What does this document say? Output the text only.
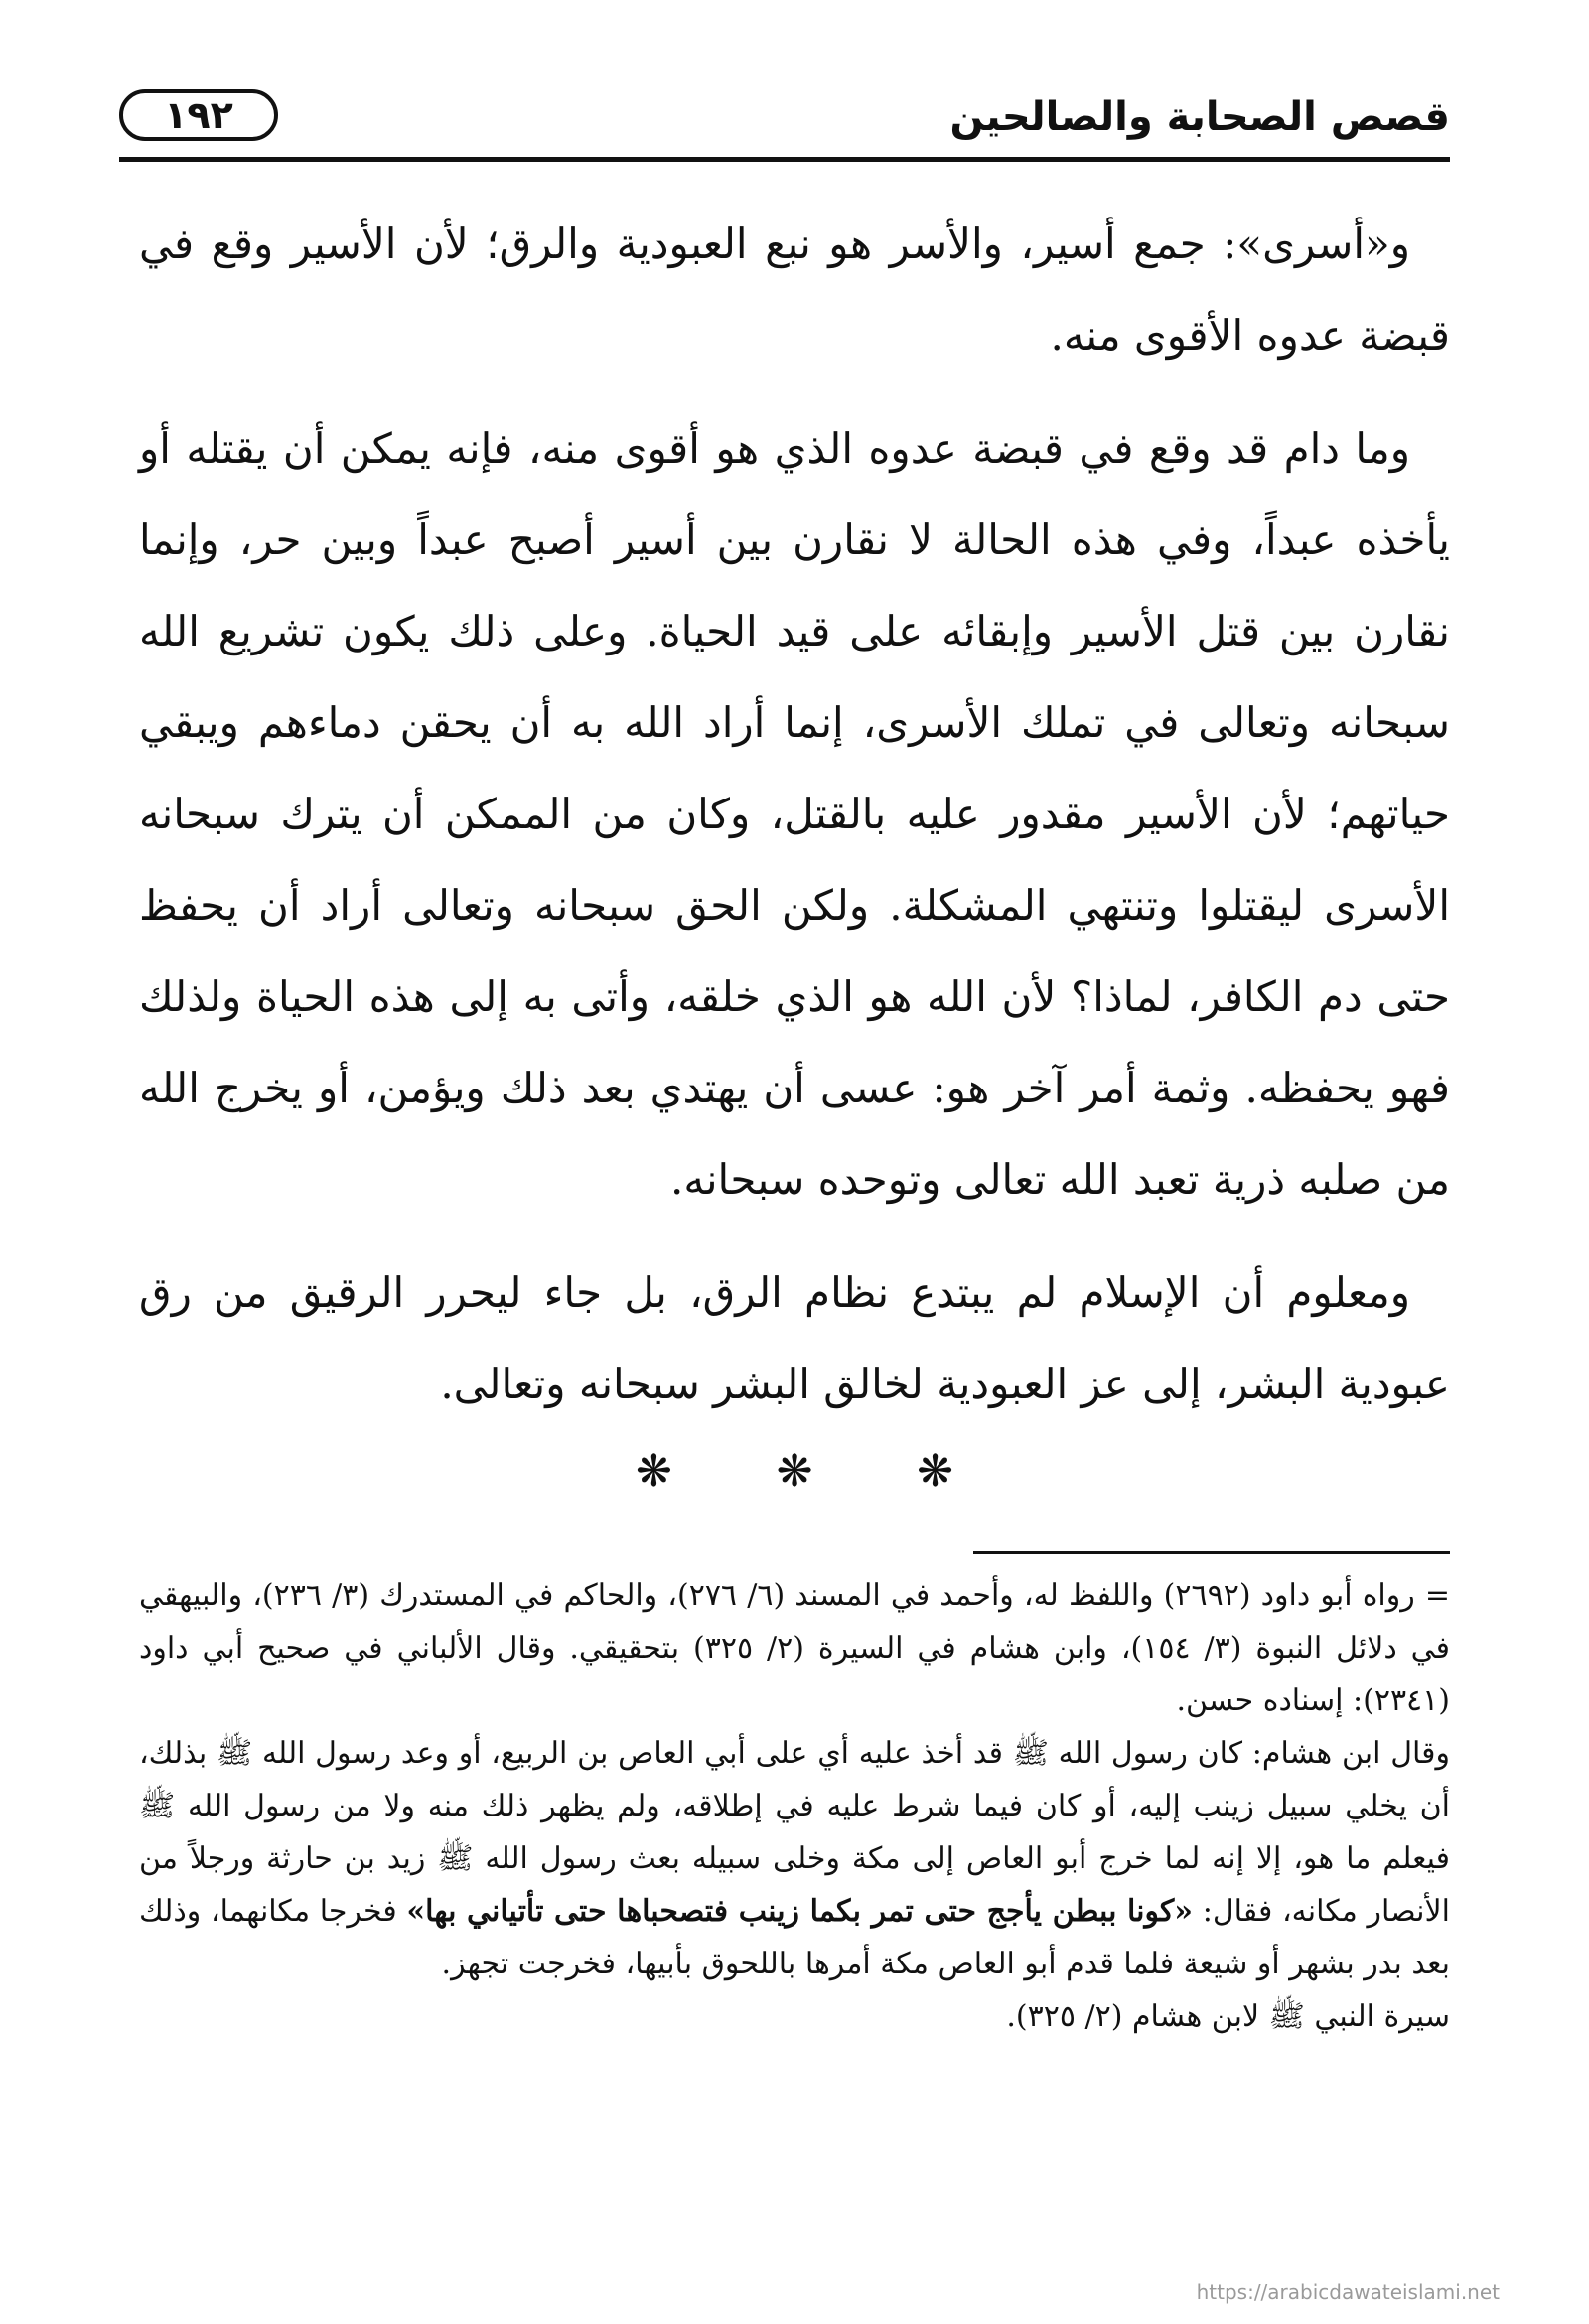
١٩٢	قصص الصحابة والصالحين

و«أسرى»: جمع أسير، والأسر هو نبع العبودية والرق؛ لأن الأسير وقع في قبضة عدوه الأقوى منه.

وما دام قد وقع في قبضة عدوه الذي هو أقوى منه، فإنه يمكن أن يقتله أو يأخذه عبداً، وفي هذه الحالة لا نقارن بين أسير أصبح عبداً وبين حر، وإنما نقارن بين قتل الأسير وإبقائه على قيد الحياة. وعلى ذلك يكون تشريع الله سبحانه وتعالى في تملك الأسرى، إنما أراد الله به أن يحقن دماءهم ويبقي حياتهم؛ لأن الأسير مقدور عليه بالقتل، وكان من الممكن أن يترك سبحانه الأسرى ليقتلوا وتنتهي المشكلة. ولكن الحق سبحانه وتعالى أراد أن يحفظ حتى دم الكافر، لماذا؟ لأن الله هو الذي خلقه، وأتى به إلى هذه الحياة ولذلك فهو يحفظه. وثمة أمر آخر هو: عسى أن يهتدي بعد ذلك ويؤمن، أو يخرج الله من صلبه ذرية تعبد الله تعالى وتوحده سبحانه.

ومعلوم أن الإسلام لم يبتدع نظام الرق، بل جاء ليحرر الرقيق من رق عبودية البشر، إلى عز العبودية لخالق البشر سبحانه وتعالى.

❋ ❋ ❋

= رواه أبو داود (٢٦٩٢) واللفظ له، وأحمد في المسند (٦/ ٢٧٦)، والحاكم في المستدرك (٣/ ٢٣٦)، والبيهقي في دلائل النبوة (٣/ ١٥٤)، وابن هشام في السيرة (٢/ ٣٢٥) بتحقيقي. وقال الألباني في صحيح أبي داود (٢٣٤١): إسناده حسن.

وقال ابن هشام: كان رسول الله ﷺ قد أخذ عليه أي على أبي العاص بن الربيع، أو وعد رسول الله ﷺ بذلك، أن يخلي سبيل زينب إليه، أو كان فيما شرط عليه في إطلاقه، ولم يظهر ذلك منه ولا من رسول الله ﷺ فيعلم ما هو، إلا إنه لما خرج أبو العاص إلى مكة وخلى سبيله بعث رسول الله ﷺ زيد بن حارثة ورجلاً من الأنصار مكانه، فقال: «كونا ببطن يأجج حتى تمر بكما زينب فتصحباها حتى تأتياني بها» فخرجا مكانهما، وذلك بعد بدر بشهر أو شيعة فلما قدم أبو العاص مكة أمرها باللحوق بأبيها، فخرجت تجهز.

سيرة النبي ﷺ لابن هشام (٢/ ٣٢٥).

https://arabicdawateislami.net
